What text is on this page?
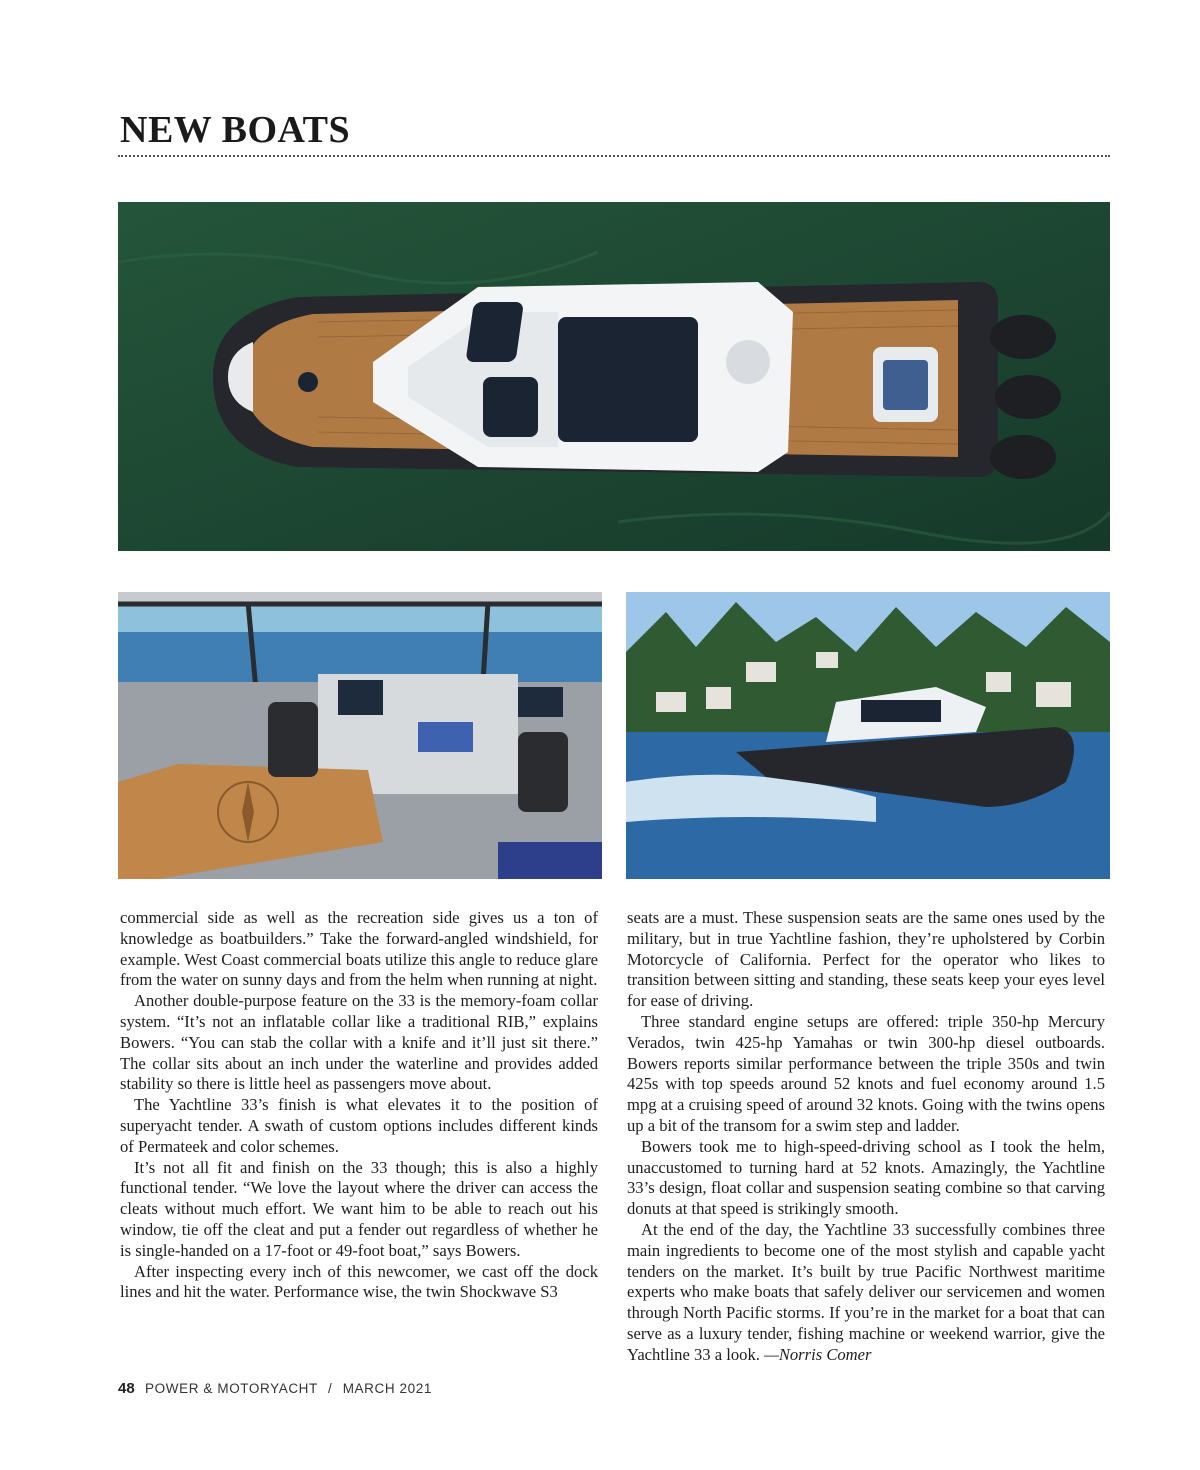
NEW BOATS

commercial side as well as the recreation side gives us a ton of knowledge as boatbuilders.” Take the forward-angled windshield, for example. West Coast commercial boats utilize this angle to reduce glare from the water on sunny days and from the helm when running at night.

Another double-purpose feature on the 33 is the memory-foam collar system. “It’s not an inflatable collar like a traditional RIB,” explains Bowers. “You can stab the collar with a knife and it’ll just sit there.” The collar sits about an inch under the waterline and provides added stability so there is little heel as passengers move about.

The Yachtline 33’s finish is what elevates it to the position of superyacht tender. A swath of custom options includes different kinds of Permateek and color schemes.

It’s not all fit and finish on the 33 though; this is also a highly functional tender. “We love the layout where the driver can access the cleats without much effort. We want him to be able to reach out his window, tie off the cleat and put a fender out regardless of whether he is single-handed on a 17-foot or 49-foot boat,” says Bowers.

After inspecting every inch of this newcomer, we cast off the dock lines and hit the water. Performance wise, the twin Shockwave S3

seats are a must. These suspension seats are the same ones used by the military, but in true Yachtline fashion, they’re upholstered by Corbin Motorcycle of California. Perfect for the operator who likes to transition between sitting and standing, these seats keep your eyes level for ease of driving.

Three standard engine setups are offered: triple 350-hp Mercury Verados, twin 425-hp Yamahas or twin 300-hp diesel outboards. Bowers reports similar performance between the triple 350s and twin 425s with top speeds around 52 knots and fuel economy around 1.5 mpg at a cruising speed of around 32 knots. Going with the twins opens up a bit of the transom for a swim step and ladder.

Bowers took me to high-speed-driving school as I took the helm, unaccustomed to turning hard at 52 knots. Amazingly, the Yachtline 33’s design, float collar and suspension seating combine so that carving donuts at that speed is strikingly smooth.

At the end of the day, the Yachtline 33 successfully combines three main ingredients to become one of the most stylish and capable yacht tenders on the market. It’s built by true Pacific Northwest maritime experts who make boats that safely deliver our servicemen and women through North Pacific storms. If you’re in the market for a boat that can serve as a luxury tender, fishing machine or weekend warrior, give the Yachtline 33 a look. —Norris Comer

48 POWER & MOTORYACHT / MARCH 2021
